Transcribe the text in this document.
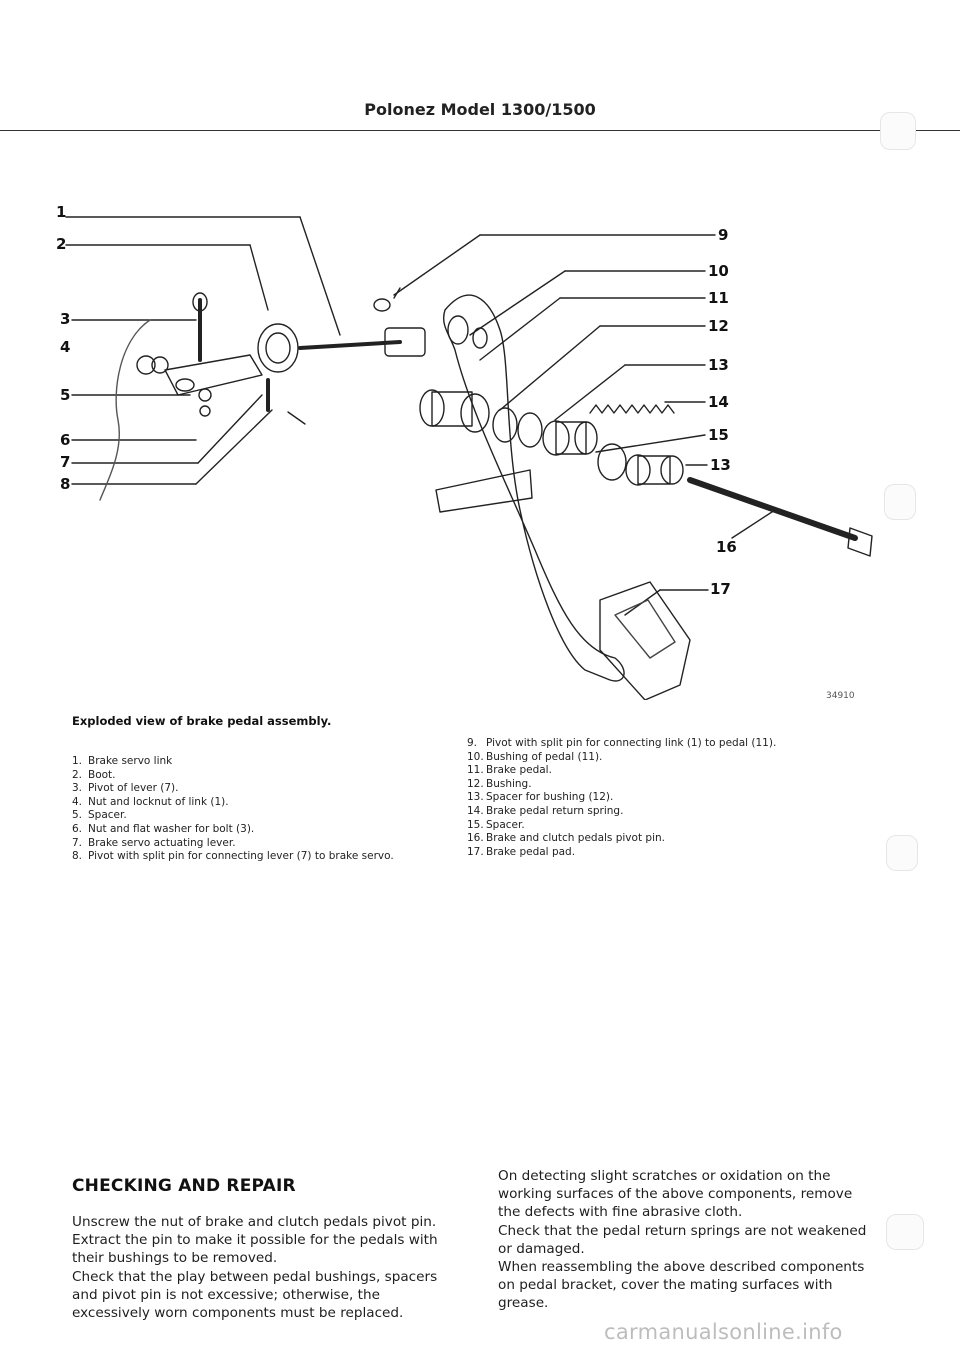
Polonez Model 1300/1500
1
2
3
4
5
6
7
8
9
10
11
12
13
14
15
13
16
17
34910
Exploded view of brake pedal assembly.
1. Brake servo link
2. Boot.
3. Pivot of lever (7).
4. Nut and locknut of link (1).
5. Spacer.
6. Nut and flat washer for bolt (3).
7. Brake servo actuating lever.
8. Pivot with split pin for connecting lever (7) to brake servo.
9. Pivot with split pin for connecting link (1) to pedal (11).
10. Bushing of pedal (11).
11. Brake pedal.
12. Bushing.
13. Spacer for bushing (12).
14. Brake pedal return spring.
15. Spacer.
16. Brake and clutch pedals pivot pin.
17. Brake pedal pad.
CHECKING AND REPAIR

Unscrew the nut of brake and clutch pedals pivot pin. Extract the pin to make it possible for the pedals with their bushings to be removed.

Check that the play between pedal bushings, spacers and pivot pin is not excessive; otherwise, the excessively worn components must be replaced.

On detecting slight scratches or oxidation on the working surfaces of the above components, remove the defects with fine abrasive cloth.

Check that the pedal return springs are not weakened or damaged.

When reassembling the above described components on pedal bracket, cover the mating surfaces with grease.

carmanualsonline.info
